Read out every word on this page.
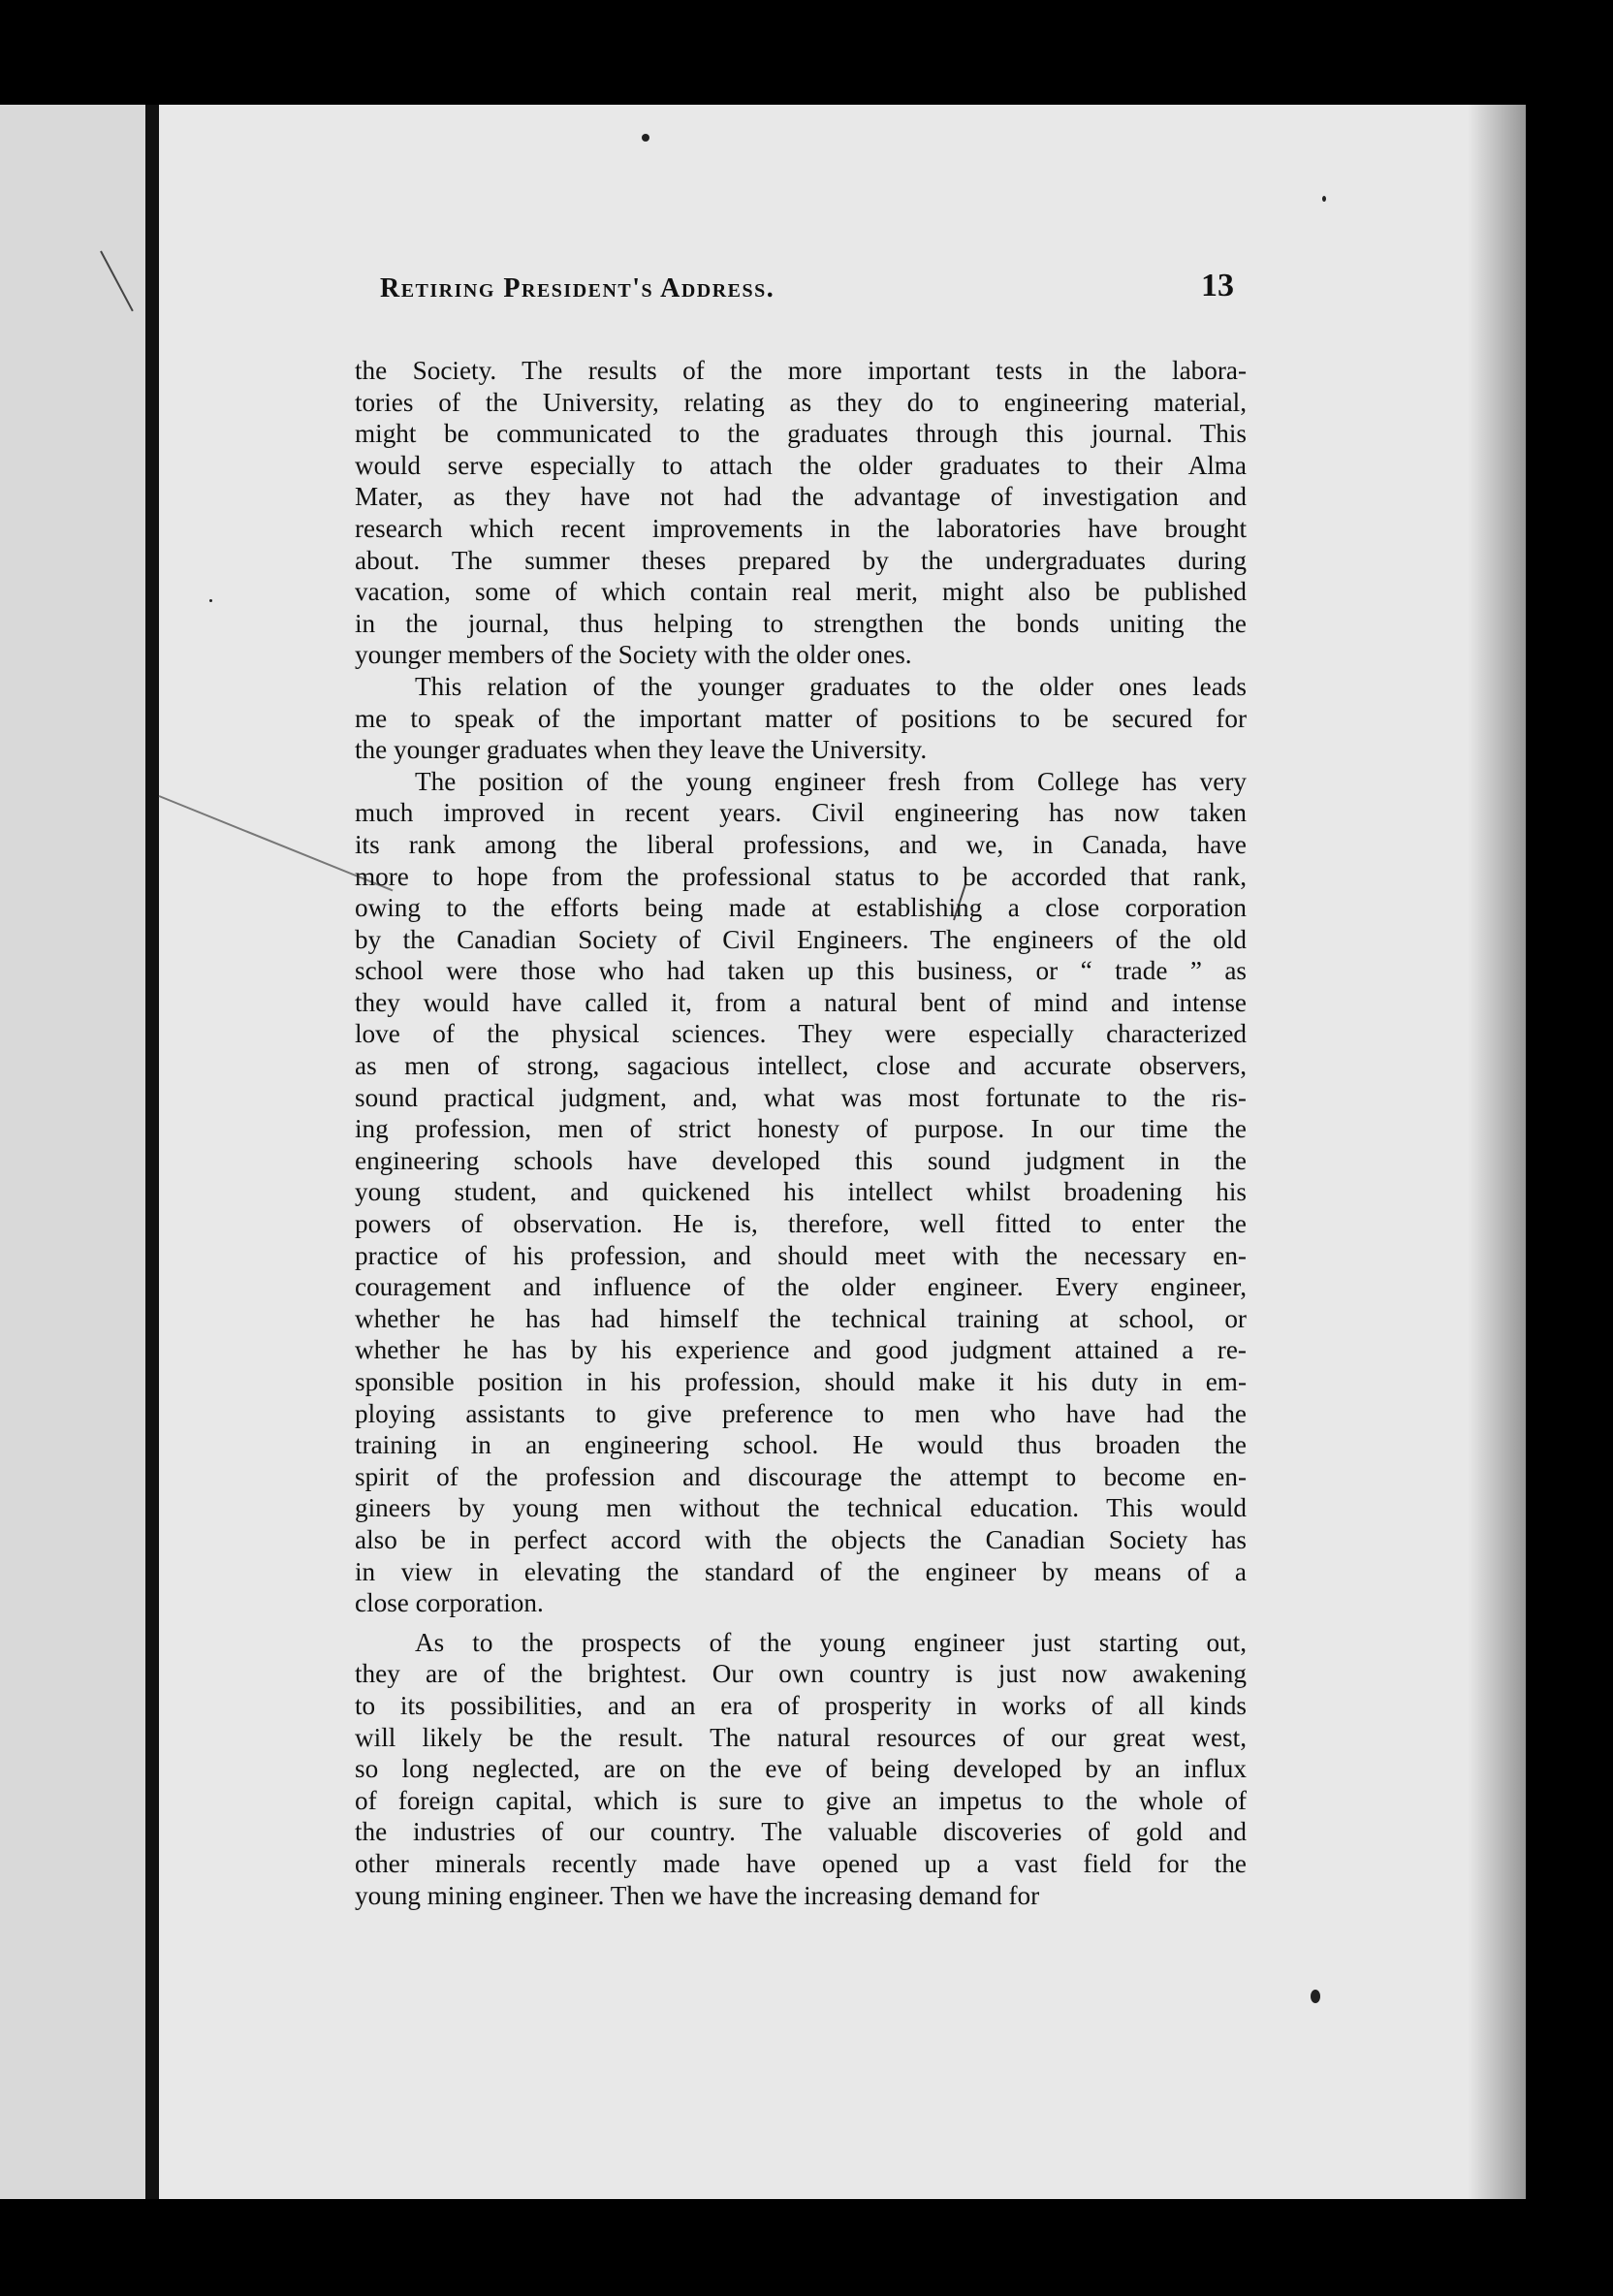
Retiring President's Address.	13

the Society. The results of the more important tests in the labora-
tories of the University, relating as they do to engineering material,
might be communicated to the graduates through this journal. This
would serve especially to attach the older graduates to their Alma
Mater, as they have not had the advantage of investigation and
research which recent improvements in the laboratories have brought
about. The summer theses prepared by the undergraduates during
vacation, some of which contain real merit, might also be published
in the journal, thus helping to strengthen the bonds uniting the
younger members of the Society with the older ones.

This relation of the younger graduates to the older ones leads
me to speak of the important matter of positions to be secured for
the younger graduates when they leave the University.

The position of the young engineer fresh from College has very
much improved in recent years. Civil engineering has now taken
its rank among the liberal professions, and we, in Canada, have
more to hope from the professional status to be accorded that rank,
owing to the efforts being made at establishing a close corporation
by the Canadian Society of Civil Engineers. The engineers of the old
school were those who had taken up this business, or “ trade ” as
they would have called it, from a natural bent of mind and intense
love of the physical sciences. They were especially characterized
as men of strong, sagacious intellect, close and accurate observers,
sound practical judgment, and, what was most fortunate to the ris-
ing profession, men of strict honesty of purpose. In our time the
engineering schools have developed this sound judgment in the
young student, and quickened his intellect whilst broadening his
powers of observation. He is, therefore, well fitted to enter the
practice of his profession, and should meet with the necessary en-
couragement and influence of the older engineer. Every engineer,
whether he has had himself the technical training at school, or
whether he has by his experience and good judgment attained a re-
sponsible position in his profession, should make it his duty in em-
ploying assistants to give preference to men who have had the
training in an engineering school. He would thus broaden the
spirit of the profession and discourage the attempt to become en-
gineers by young men without the technical education. This would
also be in perfect accord with the objects the Canadian Society has
in view in elevating the standard of the engineer by means of a
close corporation.

As to the prospects of the young engineer just starting out,
they are of the brightest. Our own country is just now awakening
to its possibilities, and an era of prosperity in works of all kinds
will likely be the result. The natural resources of our great west,
so long neglected, are on the eve of being developed by an influx
of foreign capital, which is sure to give an impetus to the whole of
the industries of our country. The valuable discoveries of gold and
other minerals recently made have opened up a vast field for the
young mining engineer. Then we have the increasing demand for
